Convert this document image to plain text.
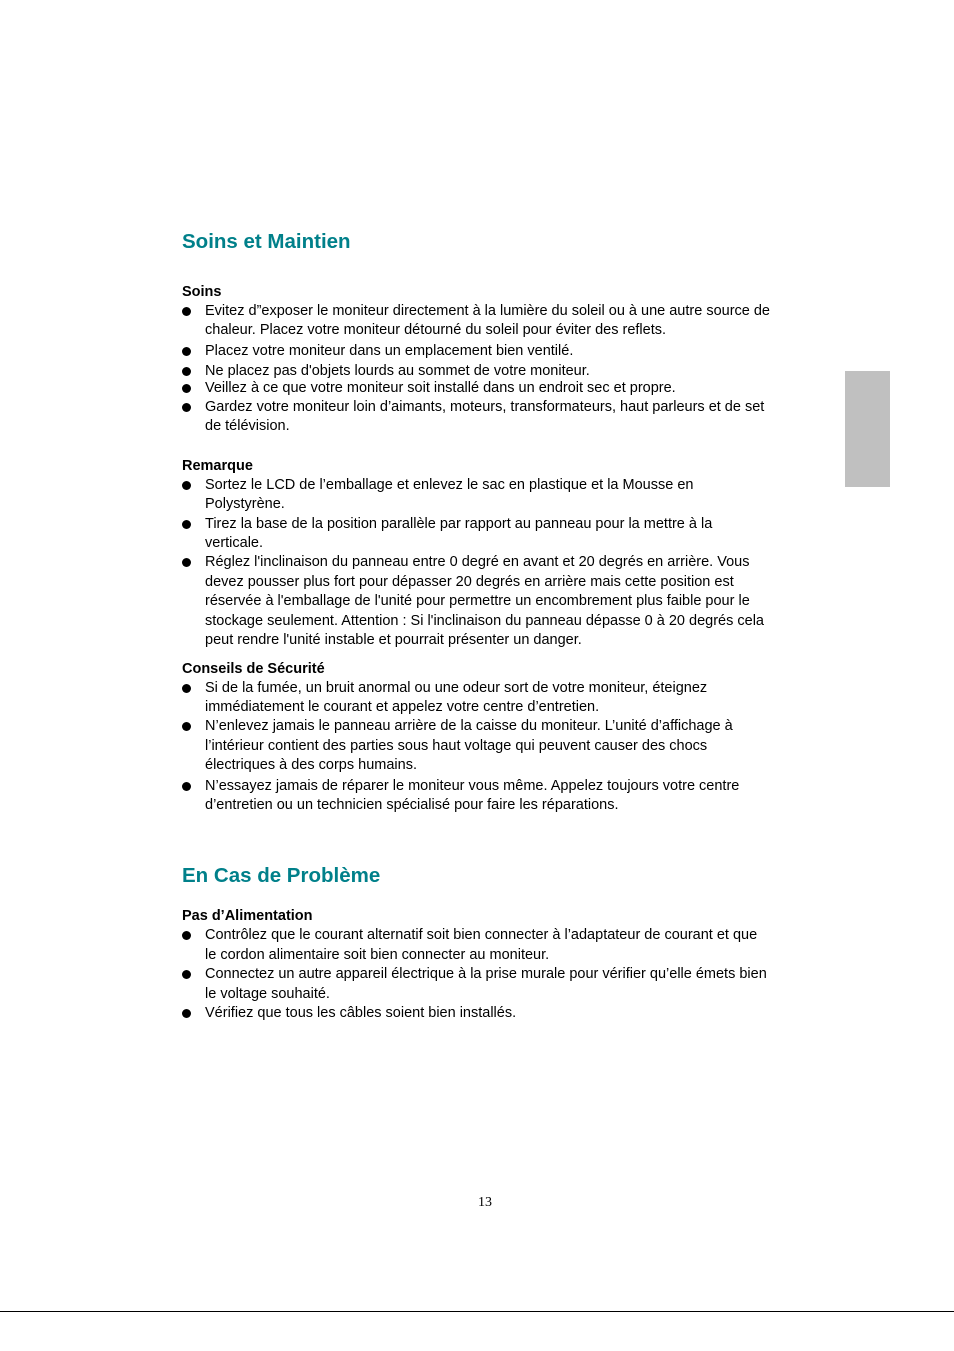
Soins et Maintien
Soins
Evitez d”exposer le moniteur directement à la lumière du soleil ou à une autre source de chaleur. Placez votre moniteur détourné du soleil pour éviter des reflets.
Placez votre moniteur dans un emplacement bien ventilé.
Ne placez pas d'objets lourds au sommet de votre moniteur.
Veillez à ce que votre moniteur soit installé dans un endroit sec et propre.
Gardez votre moniteur loin d’aimants, moteurs, transformateurs, haut parleurs et de set de télévision.
Remarque
Sortez le LCD de l’emballage et enlevez le sac en plastique et la Mousse en Polystyrène.
Tirez la base de la position parallèle par rapport au panneau pour la mettre à la verticale.
Réglez l'inclinaison du panneau entre 0 degré en avant et 20 degrés en arrière. Vous devez pousser plus fort pour dépasser 20 degrés en arrière mais cette position est réservée à l'emballage de l'unité pour permettre un encombrement plus faible pour le stockage seulement. Attention : Si l'inclinaison du panneau dépasse 0 à 20 degrés cela peut rendre l'unité instable et pourrait présenter un danger.
Conseils de Sécurité
Si de la fumée, un bruit anormal ou une odeur sort de votre moniteur, éteignez immédiatement le courant et appelez votre centre d’entretien.
N’enlevez jamais le panneau arrière de la caisse du moniteur. L’unité d’affichage à l’intérieur contient des parties sous haut voltage qui peuvent causer des chocs électriques à des corps humains.
N’essayez jamais de réparer le moniteur vous même. Appelez toujours votre centre d’entretien ou un technicien spécialisé pour faire les réparations.
En Cas de Problème
Pas d’Alimentation
Contrôlez que le courant alternatif soit bien connecter à l’adaptateur de courant et que le cordon alimentaire soit bien connecter au moniteur.
Connectez un autre appareil électrique à la prise murale pour vérifier qu’elle émets bien le voltage souhaité.
Vérifiez que tous les câbles soient bien installés.
13
